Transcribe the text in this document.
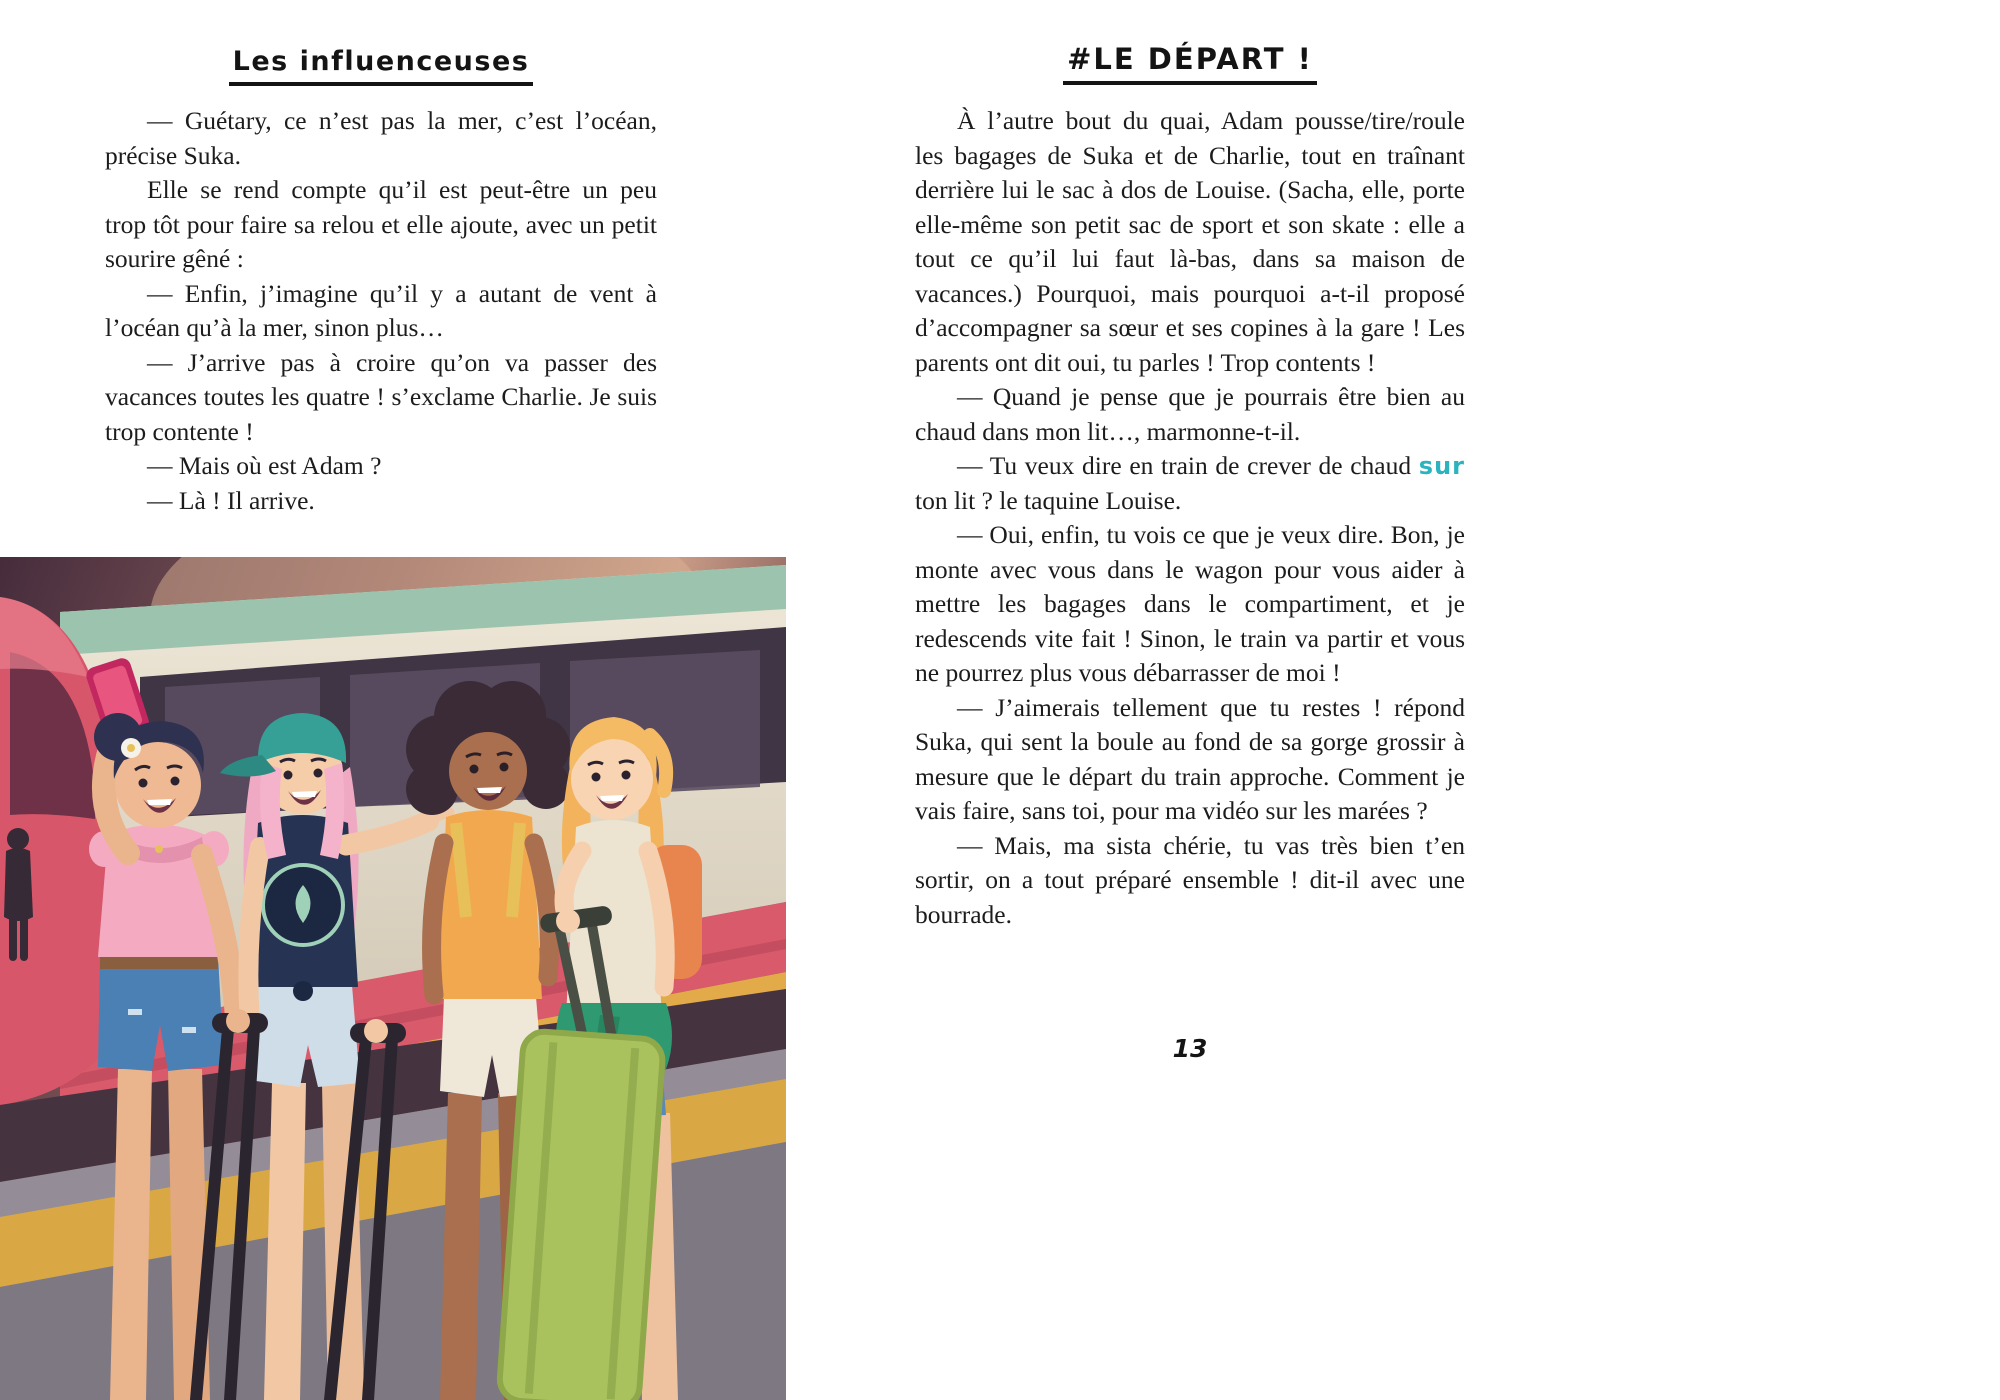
Les influenceuses

— Guétary, ce n’est pas la mer, c’est l’océan, précise Suka.

Elle se rend compte qu’il est peut-être un peu trop tôt pour faire sa relou et elle ajoute, avec un petit sourire gêné :

— Enfin, j’imagine qu’il y a autant de vent à l’océan qu’à la mer, sinon plus…

— J’arrive pas à croire qu’on va passer des vacances toutes les quatre ! s’exclame Charlie. Je suis trop contente !

— Mais où est Adam ?

— Là ! Il arrive.

#LE DÉPART !

À l’autre bout du quai, Adam pousse/tire/roule les bagages de Suka et de Charlie, tout en traînant derrière lui le sac à dos de Louise. (Sacha, elle, porte elle-même son petit sac de sport et son skate : elle a tout ce qu’il lui faut là-bas, dans sa maison de vacances.) Pourquoi, mais pourquoi a-t-il proposé d’accompagner sa sœur et ses copines à la gare ! Les parents ont dit oui, tu parles ! Trop contents !

— Quand je pense que je pourrais être bien au chaud dans mon lit…, marmonne-t-il.

— Tu veux dire en train de crever de chaud sur ton lit ? le taquine Louise.

— Oui, enfin, tu vois ce que je veux dire. Bon, je monte avec vous dans le wagon pour vous aider à mettre les bagages dans le compartiment, et je redescends vite fait ! Sinon, le train va partir et vous ne pourrez plus vous débarrasser de moi !

— J’aimerais tellement que tu restes ! répond Suka, qui sent la boule au fond de sa gorge grossir à mesure que le départ du train approche. Comment je vais faire, sans toi, pour ma vidéo sur les marées ?

— Mais, ma sista chérie, tu vas très bien t’en sortir, on a tout préparé ensemble ! dit-il avec une bourrade.

13
